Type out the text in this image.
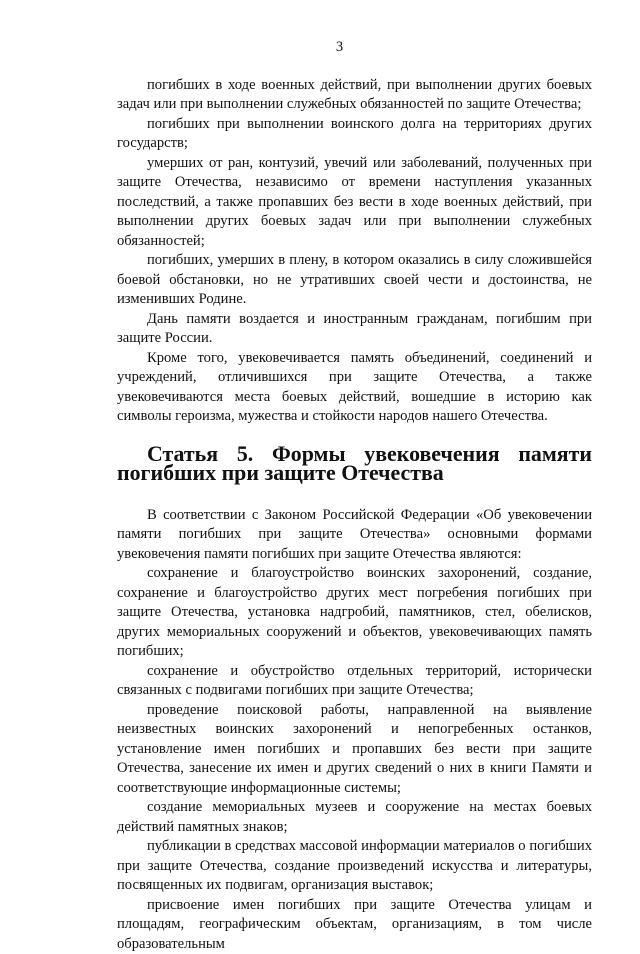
3

погибших в ходе военных действий, при выполнении других боевых задач или при выполнении служебных обязанностей по защите Отечества;

погибших при выполнении воинского долга на территориях других государств;

умерших от ран, контузий, увечий или заболеваний, полученных при защите Отечества, независимо от времени наступления указанных последствий, а также пропавших без вести в ходе военных действий, при выполнении других боевых задач или при выполнении служебных обязанностей;

погибших, умерших в плену, в котором оказались в силу сложившейся боевой обстановки, но не утративших своей чести и достоинства, не изменивших Родине.

Дань памяти воздается и иностранным гражданам, погибшим при защите России.

Кроме того, увековечивается память объединений, соединений и учреждений, отличившихся при защите Отечества, а также увековечиваются места боевых действий, вошедшие в историю как символы героизма, мужества и стойкости народов нашего Отечества.

Статья 5. Формы увековечения памяти погибших при защите Отечества

В соответствии с Законом Российской Федерации «Об увековечении памяти погибших при защите Отечества» основными формами увековечения памяти погибших при защите Отечества являются:

сохранение и благоустройство воинских захоронений, создание, сохранение и благоустройство других мест погребения погибших при защите Отечества, установка надгробий, памятников, стел, обелисков, других мемориальных сооружений и объектов, увековечивающих память погибших;

сохранение и обустройство отдельных территорий, исторически связанных с подвигами погибших при защите Отечества;

проведение поисковой работы, направленной на выявление неизвестных воинских захоронений и непогребенных останков, установление имен погибших и пропавших без вести при защите Отечества, занесение их имен и других сведений о них в книги Памяти и соответствующие информационные системы;

создание мемориальных музеев и сооружение на местах боевых действий памятных знаков;

публикации в средствах массовой информации материалов о погибших при защите Отечества, создание произведений искусства и литературы, посвященных их подвигам, организация выставок;

присвоение имен погибших при защите Отечества улицам и площадям, географическим объектам, организациям, в том числе образовательным
